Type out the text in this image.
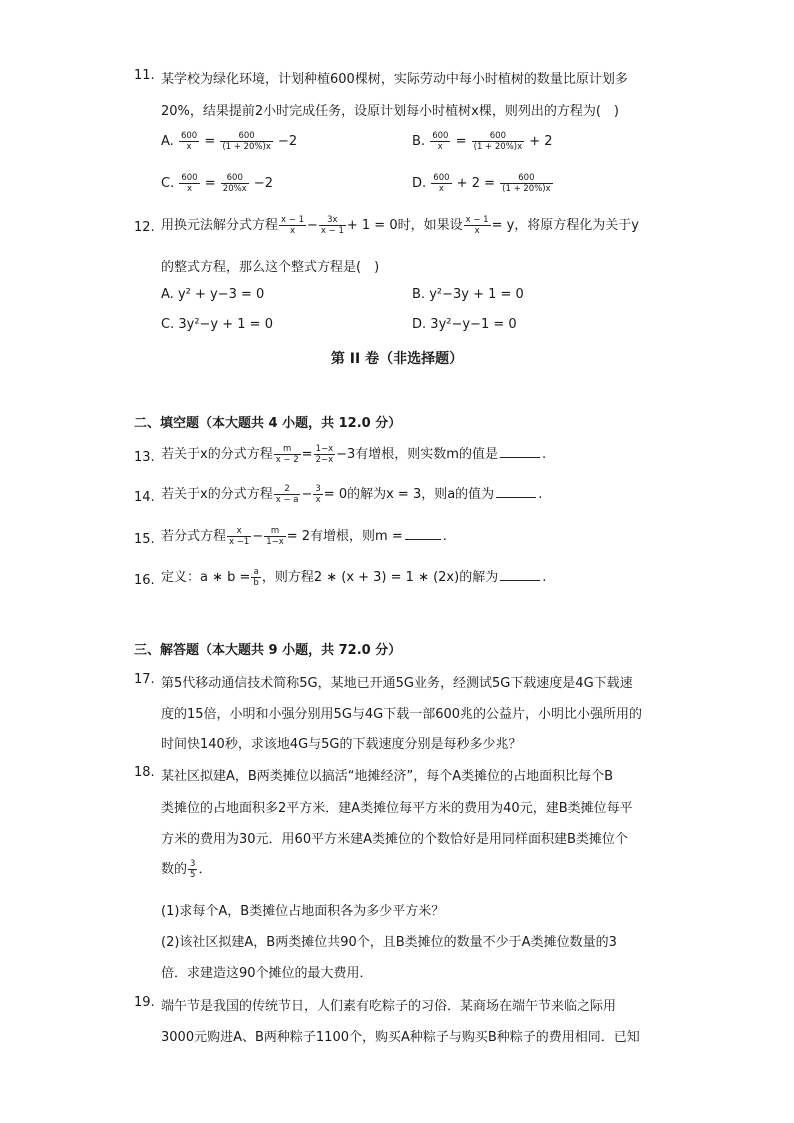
11. 某学校为绿化环境，计划种植600棵树，实际劳动中每小时植树的数量比原计划多
20%，结果提前2小时完成任务，设原计划每小时植树x棵，则列出的方程为(　)
A. $\frac{600}{x} = \frac{600}{(1 + 20\%)x} -2$	B. $\frac{600}{x} = \frac{600}{(1 + 20\%)x} + 2$
C. $\frac{600}{x} = \frac{600}{20\%x} -2$	D. $\frac{600}{x} + 2 = \frac{600}{(1 + 20\%)x}$
12. 用换元法解分式方程 $\frac{x - 1}{x} - \frac{3x}{x - 1} + 1 = 0$时，如果设 $\frac{x - 1}{x} = y$，将原方程化为关于y
的整式方程，那么这个整式方程是(　)
A. y² + y−3 = 0	B. y²−3y + 1 = 0
C. 3y²−y + 1 = 0	D. 3y²−y−1 = 0
第 II 卷（非选择题）
二、填空题（本大题共 4 小题，共 12.0 分）
13. 若关于x的分式方程 $\frac{m}{x - 2} = \frac{1-x}{2-x} -3$有增根，则实数m的值是	.
14. 若关于x的分式方程 $\frac{2}{x - a} - \frac{3}{x} = 0$的解为x = 3，则a的值为	.
15. 若分式方程 $\frac{x}{x -1} - \frac{m}{1-x} = 2$有增根，则m =	.
16. 定义：a ∗ $b = \frac{a}{b}$ ，则方程2 ∗ (x + 3) = 1 ∗ (2x)的解为	.
三、解答题（本大题共 9 小题，共 72.0 分）
17. 第5代移动通信技术简称5G，某地已开通5G业务，经测试5G下载速度是4G下载速
度的15倍，小明和小强分别用5G与4G下载一部600兆的公益片，小明比小强所用的
时间快140秒，求该地4G与5G的下载速度分别是每秒多少兆？
18. 某社区拟建A，B两类摊位以搞活“地摊经济”，每个A类摊位的占地面积比每个B
类摊位的占地面积多2平方米．建A类摊位每平方米的费用为40元，建B类摊位每平
方米的费用为30元．用60平方米建A类摊位的个数恰好是用同样面积建B类摊位个
数的 $\frac{3}{5}$ ．
(1)求每个A，B类摊位占地面积各为多少平方米？
(2)该社区拟建A，B两类摊位共90个，且B类摊位的数量不少于A类摊位数量的3
倍．求建造这90个摊位的最大费用．
19. 端午节是我国的传统节日，人们素有吃粽子的习俗．某商场在端午节来临之际用
3000元购进A、B两种粽子1100个，购买A种粽子与购买B种粽子的费用相同．已知
